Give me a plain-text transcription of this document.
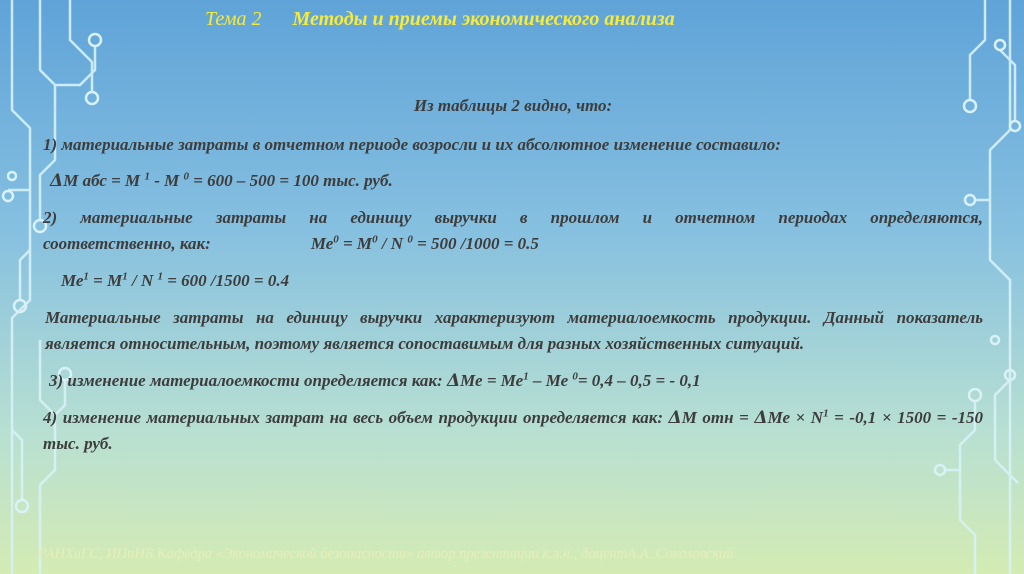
Тема 2 Методы и приемы экономического анализа

Из таблицы 2 видно, что:

1) материальные затраты в отчетном периоде возросли и их абсолютное изменение составило:

ΔМ абс = М $^1$ - М $^0$ = 600 – 500 = 100 тыс. руб.

2) материальные затраты на единицу выручки в прошлом и отчетном периодах определяются,

соответственно, как:	$Ме^0 = М^0 / N$ $^0$ = 500 /1000 = 0.5

$Ме^1 = М^1 / N$ $^1$ = 600 /1500 = 0.4

Материальные затраты на единицу выручки характеризуют материалоемкость продукции. Данный показатель является относительным, поэтому является сопоставимым для разных хозяйственных ситуаций.

3) изменение материалоемкости определяется как: $\Delta Ме = Ме^1$ – Ме $^0$= 0,4 – 0,5 = - 0,1

4) изменение материальных затрат на весь объем продукции определяется как: ΔМ отн = $\Delta Ме \times N^1 = -0,1 \times 1500 = -150$ тыс. руб.

РАНХиГС, ИПиНБ Кафедра «Экономической безопасности» автор презентации к.э.н., доцентА.А..Соколовский
